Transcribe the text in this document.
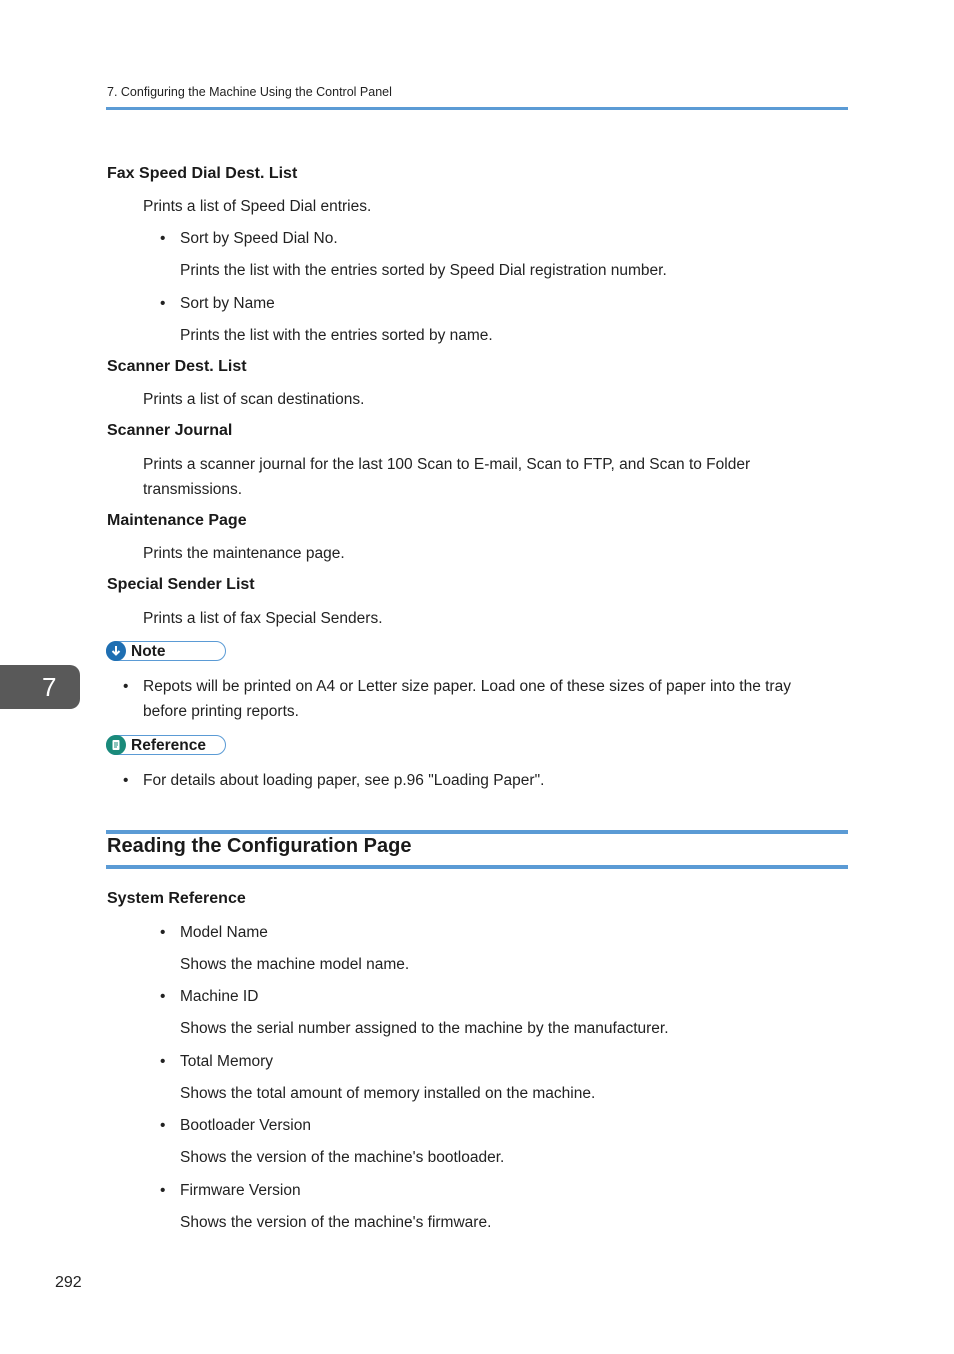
7. Configuring the Machine Using the Control Panel
Fax Speed Dial Dest. List
Prints a list of Speed Dial entries.
• Sort by Speed Dial No.
Prints the list with the entries sorted by Speed Dial registration number.
• Sort by Name
Prints the list with the entries sorted by name.
Scanner Dest. List
Prints a list of scan destinations.
Scanner Journal
Prints a scanner journal for the last 100 Scan to E-mail, Scan to FTP, and Scan to Folder
transmissions.
Maintenance Page
Prints the maintenance page.
Special Sender List
Prints a list of fax Special Senders.
Note
• Repots will be printed on A4 or Letter size paper. Load one of these sizes of paper into the tray
before printing reports.
7
Reference
• For details about loading paper, see p.96 "Loading Paper".
Reading the Configuration Page
System Reference
• Model Name
Shows the machine model name.
• Machine ID
Shows the serial number assigned to the machine by the manufacturer.
• Total Memory
Shows the total amount of memory installed on the machine.
• Bootloader Version
Shows the version of the machine's bootloader.
• Firmware Version
Shows the version of the machine's firmware.
292
